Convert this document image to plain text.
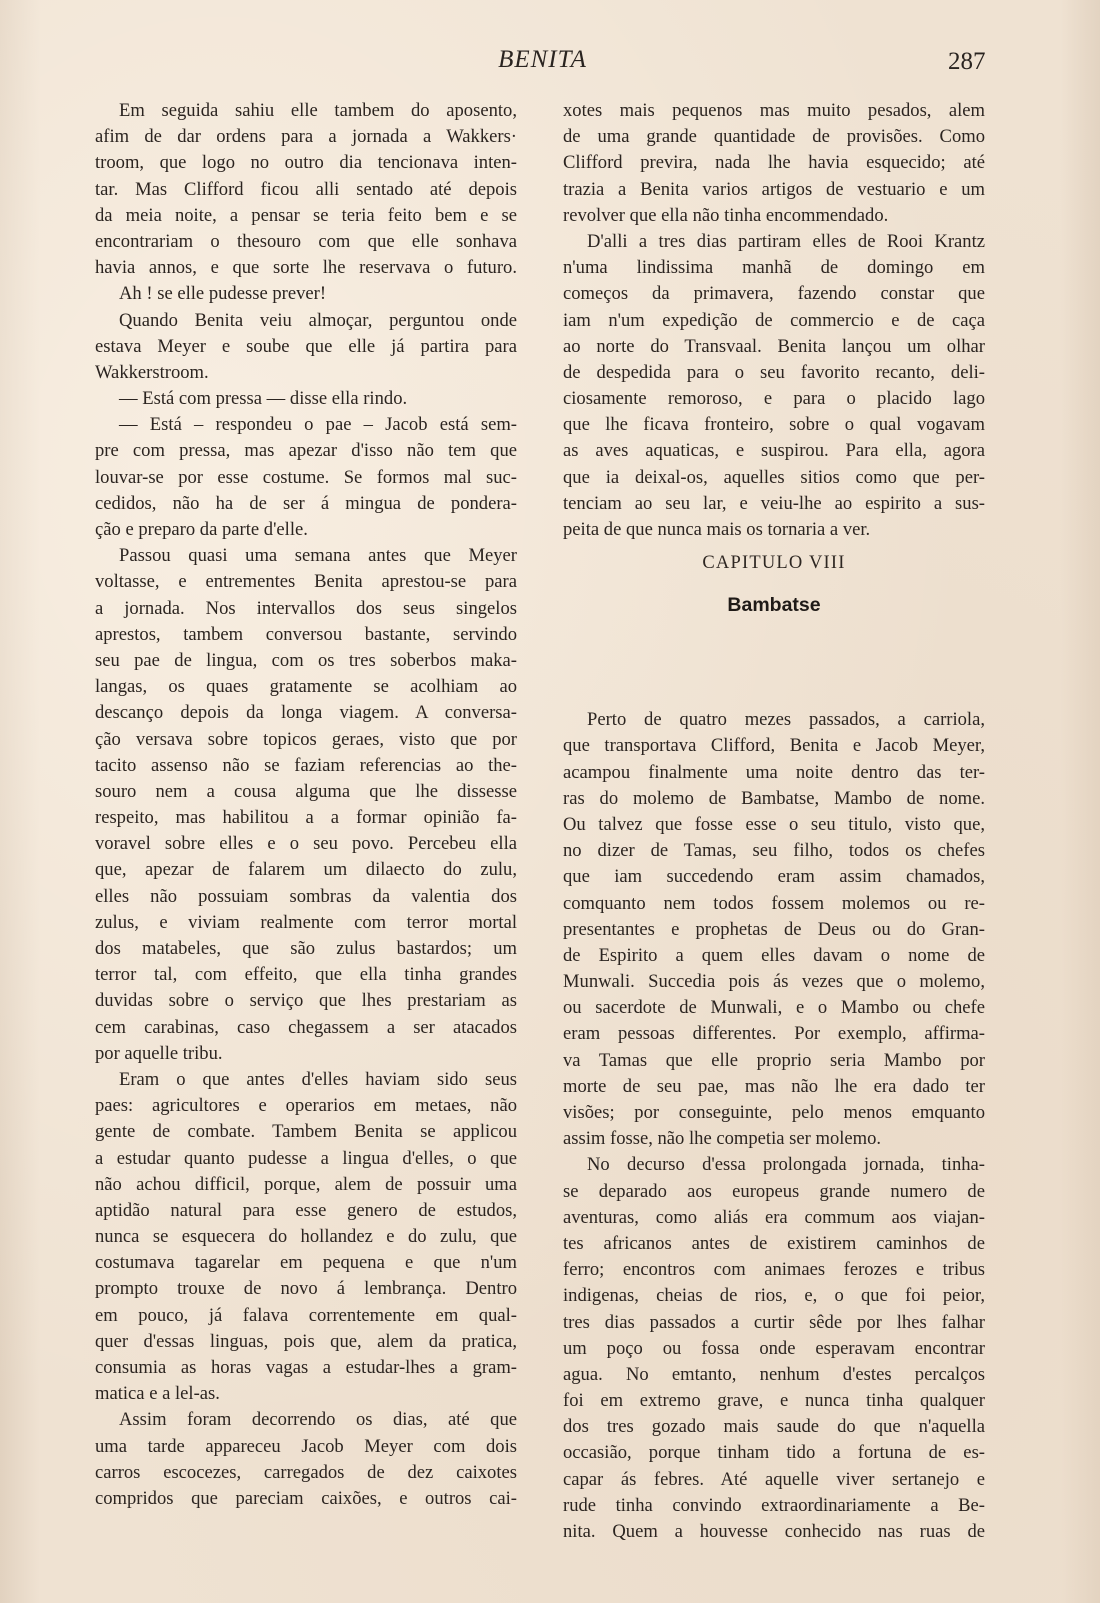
BENITA	287
Em seguida sahiu elle tambem do aposento,
afim de dar ordens para a jornada a Wakkers·
troom, que logo no outro dia tencionava inten-
tar. Mas Clifford ficou alli sentado até depois
da meia noite, a pensar se teria feito bem e se
encontrariam o thesouro com que elle sonhava
havia annos, e que sorte lhe reservava o futuro.
Ah ! se elle pudesse prever!
Quando Benita veiu almoçar, perguntou onde
estava Meyer e soube que elle já partira para
Wakkerstroom.
— Está com pressa — disse ella rindo.
— Está – respondeu o pae – Jacob está sem-
pre com pressa, mas apezar d'isso não tem que
louvar-se por esse costume. Se formos mal suc-
cedidos, não ha de ser á mingua de pondera-
ção e preparo da parte d'elle.
Passou quasi uma semana antes que Meyer
voltasse, e entrementes Benita aprestou-se para
a jornada. Nos intervallos dos seus singelos
aprestos, tambem conversou bastante, servindo
seu pae de lingua, com os tres soberbos maka-
langas, os quaes gratamente se acolhiam ao
descanço depois da longa viagem. A conversa-
ção versava sobre topicos geraes, visto que por
tacito assenso não se faziam referencias ao the-
souro nem a cousa alguma que lhe dissesse
respeito, mas habilitou a a formar opinião fa-
voravel sobre elles e o seu povo. Percebeu ella
que, apezar de falarem um dilaecto do zulu,
elles não possuiam sombras da valentia dos
zulus, e viviam realmente com terror mortal
dos matabeles, que são zulus bastardos; um
terror tal, com effeito, que ella tinha grandes
duvidas sobre o serviço que lhes prestariam as
cem carabinas, caso chegassem a ser atacados
por aquelle tribu.
Eram o que antes d'elles haviam sido seus
paes: agricultores e operarios em metaes, não
gente de combate. Tambem Benita se applicou
a estudar quanto pudesse a lingua d'elles, o que
não achou difficil, porque, alem de possuir uma
aptidão natural para esse genero de estudos,
nunca se esquecera do hollandez e do zulu, que
costumava tagarelar em pequena e que n'um
prompto trouxe de novo á lembrança. Dentro
em pouco, já falava correntemente em qual-
quer d'essas linguas, pois que, alem da pratica,
consumia as horas vagas a estudar-lhes a gram-
matica e a lel-as.
Assim foram decorrendo os dias, até que
uma tarde appareceu Jacob Meyer com dois
carros escocezes, carregados de dez caixotes
compridos que pareciam caixões, e outros cai-
xotes mais pequenos mas muito pesados, alem
de uma grande quantidade de provisões. Como
Clifford previra, nada lhe havia esquecido; até
trazia a Benita varios artigos de vestuario e um
revolver que ella não tinha encommendado.
D'alli a tres dias partiram elles de Rooi Krantz
n'uma lindissima manhã de domingo em
começos da primavera, fazendo constar que
iam n'um expedição de commercio e de caça
ao norte do Transvaal. Benita lançou um olhar
de despedida para o seu favorito recanto, deli-
ciosamente remoroso, e para o placido lago
que lhe ficava fronteiro, sobre o qual vogavam
as aves aquaticas, e suspirou. Para ella, agora
que ia deixal-os, aquelles sitios como que per-
tenciam ao seu lar, e veiu-lhe ao espirito a sus-
peita de que nunca mais os tornaria a ver.
CAPITULO VIII
Bambatse
Perto de quatro mezes passados, a carriola,
que transportava Clifford, Benita e Jacob Meyer,
acampou finalmente uma noite dentro das ter-
ras do molemo de Bambatse, Mambo de nome.
Ou talvez que fosse esse o seu titulo, visto que,
no dizer de Tamas, seu filho, todos os chefes
que iam succedendo eram assim chamados,
comquanto nem todos fossem molemos ou re-
presentantes e prophetas de Deus ou do Gran-
de Espirito a quem elles davam o nome de
Munwali. Succedia pois ás vezes que o molemo,
ou sacerdote de Munwali, e o Mambo ou chefe
eram pessoas differentes. Por exemplo, affirma-
va Tamas que elle proprio seria Mambo por
morte de seu pae, mas não lhe era dado ter
visões; por conseguinte, pelo menos emquanto
assim fosse, não lhe competia ser molemo.
No decurso d'essa prolongada jornada, tinha-
se deparado aos europeus grande numero de
aventuras, como aliás era commum aos viajan-
tes africanos antes de existirem caminhos de
ferro; encontros com animaes ferozes e tribus
indigenas, cheias de rios, e, o que foi peior,
tres dias passados a curtir sêde por lhes falhar
um poço ou fossa onde esperavam encontrar
agua. No emtanto, nenhum d'estes percalços
foi em extremo grave, e nunca tinha qualquer
dos tres gozado mais saude do que n'aquella
occasião, porque tinham tido a fortuna de es-
capar ás febres. Até aquelle viver sertanejo e
rude tinha convindo extraordinariamente a Be-
nita. Quem a houvesse conhecido nas ruas de
